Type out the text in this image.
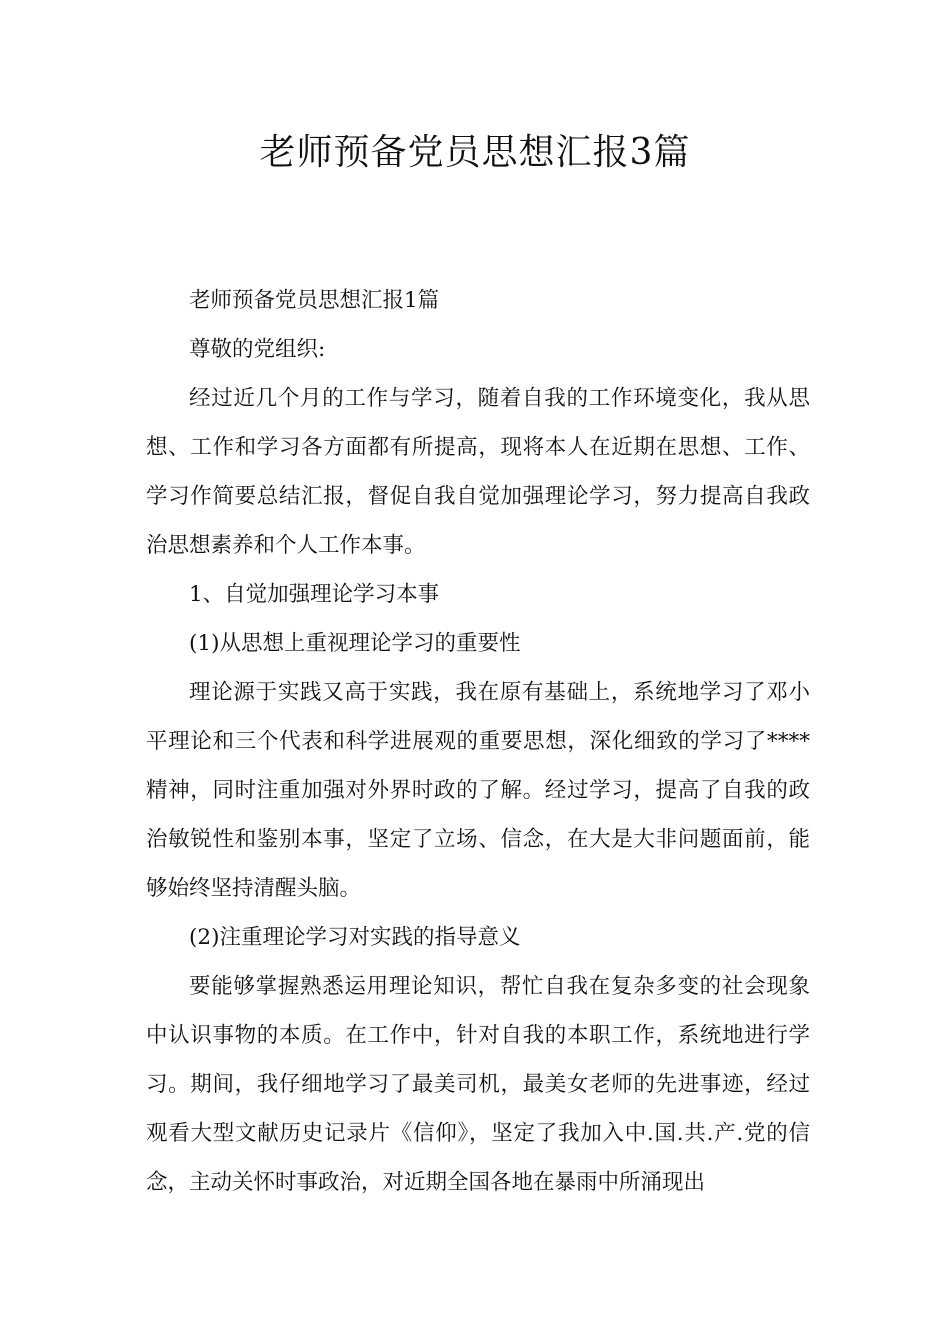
老师预备党员思想汇报3篇

老师预备党员思想汇报1篇

尊敬的党组织:

经过近几个月的工作与学习，随着自我的工作环境变化，我从思想、工作和学习各方面都有所提高，现将本人在近期在思想、工作、学习作简要总结汇报，督促自我自觉加强理论学习，努力提高自我政治思想素养和个人工作本事。

1、自觉加强理论学习本事

(1)从思想上重视理论学习的重要性

理论源于实践又高于实践，我在原有基础上，系统地学习了邓小平理论和三个代表和科学进展观的重要思想，深化细致的学习了****精神，同时注重加强对外界时政的了解。经过学习，提高了自我的政治敏锐性和鉴别本事，坚定了立场、信念，在大是大非问题面前，能够始终坚持清醒头脑。

(2)注重理论学习对实践的指导意义

要能够掌握熟悉运用理论知识，帮忙自我在复杂多变的社会现象中认识事物的本质。在工作中，针对自我的本职工作，系统地进行学习。期间，我仔细地学习了最美司机，最美女老师的先进事迹，经过观看大型文献历史记录片《信仰》，坚定了我加入中.国.共.产.党的信念，主动关怀时事政治，对近期全国各地在暴雨中所涌现出
